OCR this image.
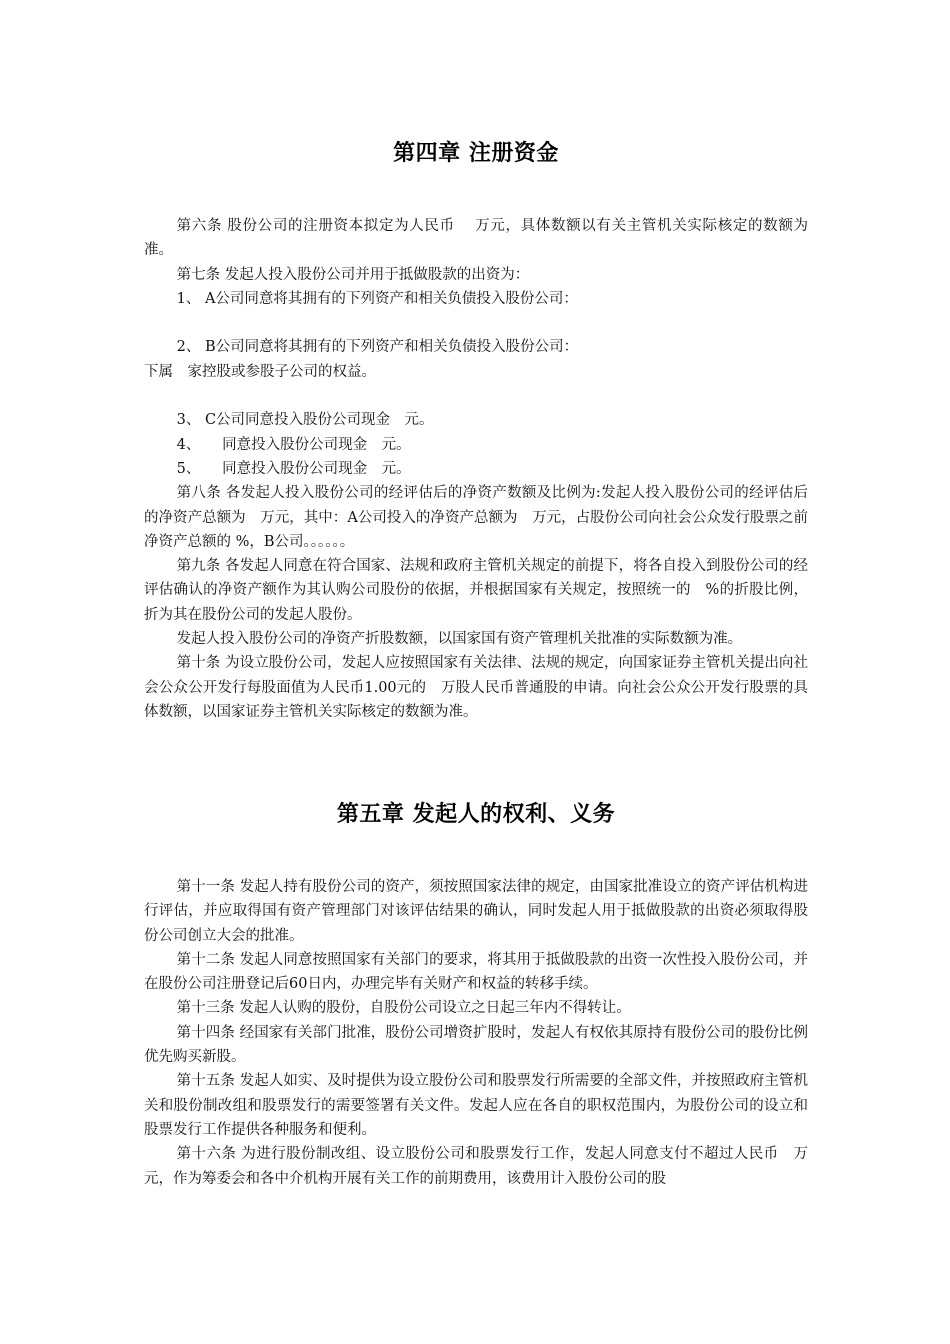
第四章 注册资金

第六条 股份公司的注册资本拟定为人民币　 万元，具体数额以有关主管机关实际核定的数额为准。

第七条 发起人投入股份公司并用于抵做股款的出资为：

1、 A公司同意将其拥有的下列资产和相关负债投入股份公司：

2、 B公司同意将其拥有的下列资产和相关负债投入股份公司：

下属　家控股或参股子公司的权益。

3、 C公司同意投入股份公司现金　元。

4、　　同意投入股份公司现金　元。

5、　　同意投入股份公司现金　元。

第八条 各发起人投入股份公司的经评估后的净资产数额及比例为:发起人投入股份公司的经评估后的净资产总额为　万元，其中：A公司投入的净资产总额为　万元，占股份公司向社会公众发行股票之前净资产总额的 %，B公司。。。。。。

第九条 各发起人同意在符合国家、法规和政府主管机关规定的前提下，将各自投入到股份公司的经评估确认的净资产额作为其认购公司股份的依据，并根据国家有关规定，按照统一的　%的折股比例，折为其在股份公司的发起人股份。

发起人投入股份公司的净资产折股数额，以国家国有资产管理机关批准的实际数额为准。

第十条 为设立股份公司，发起人应按照国家有关法律、法规的规定，向国家证券主管机关提出向社会公众公开发行每股面值为人民币1.00元的　万股人民币普通股的申请。向社会公众公开发行股票的具体数额，以国家证券主管机关实际核定的数额为准。

第五章 发起人的权利、义务

第十一条 发起人持有股份公司的资产，须按照国家法律的规定，由国家批准设立的资产评估机构进行评估，并应取得国有资产管理部门对该评估结果的确认，同时发起人用于抵做股款的出资必须取得股份公司创立大会的批准。

第十二条 发起人同意按照国家有关部门的要求，将其用于抵做股款的出资一次性投入股份公司，并在股份公司注册登记后60日内，办理完毕有关财产和权益的转移手续。

第十三条 发起人认购的股份，自股份公司设立之日起三年内不得转让。

第十四条 经国家有关部门批准，股份公司增资扩股时，发起人有权依其原持有股份公司的股份比例优先购买新股。

第十五条 发起人如实、及时提供为设立股份公司和股票发行所需要的全部文件，并按照政府主管机关和股份制改组和股票发行的需要签署有关文件。发起人应在各自的职权范围内，为股份公司的设立和股票发行工作提供各种服务和便利。

第十六条 为进行股份制改组、设立股份公司和股票发行工作，发起人同意支付不超过人民币　万元，作为筹委会和各中介机构开展有关工作的前期费用，该费用计入股份公司的股
